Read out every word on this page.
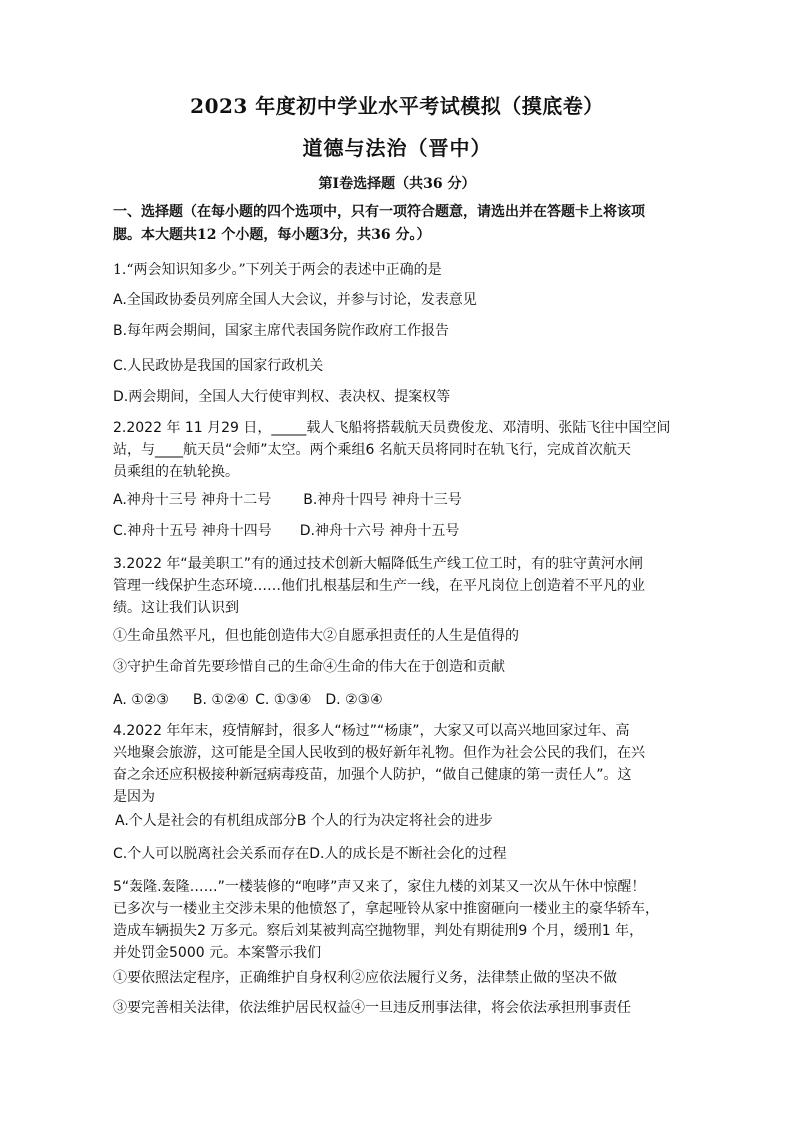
2023 年度初中学业水平考试模拟（摸底卷）
道德与法治（晋中）
第I卷选择题（共36 分）
一、选择题（在每小题的四个选项中，只有一项符合题意，请选出并在答题卡上将该项
腮。本大题共12 个小题，每小题3分，共36 分。）
1.“两会知识知多少。”下列关于两会的表述中正确的是
A.全国政协委员列席全国人大会议，并参与讨论，发表意见
B.每年两会期间，国家主席代表国务院作政府工作报告
C.人民政协是我国的国家行政机关
D.两会期间，全国人大行使审判权、表决权、提案权等
2.2022 年 11 月29 日，_____载人飞船将搭载航天员费俊龙、邓清明、张陆飞往中国空间
站，与____航天员“会师”太空。两个乘组6 名航天员将同时在轨飞行，完成首次航天
员乘组的在轨轮换。
A.神舟十三号 神舟十二号 B.神舟十四号 神舟十三号
C.神舟十五号 神舟十四号 D.神舟十六号 神舟十五号
3.2022 年“最美职工”有的通过技术创新大幅降低生产线工位工时，有的驻守黄河水闸
管理一线保护生态环境……他们扎根基层和生产一线，在平凡岗位上创造着不平凡的业
绩。这让我们认识到
①生命虽然平凡，但也能创造伟大②自愿承担责任的人生是值得的
③守护生命首先要珍惜自己的生命④生命的伟大在于创造和贡献
A. ①②③ B. ①②④ C. ①③④ D. ②③④
4.2022 年年末，疫情解封，很多人“杨过”“杨康”，大家又可以高兴地回家过年、高
兴地聚会旅游，这可能是全国人民收到的极好新年礼物。但作为社会公民的我们，在兴
奋之余还应积极接种新冠病毒疫苗，加强个人防护，“做自己健康的第一责任人”。这
是因为
A.个人是社会的有机组成部分B 个人的行为决定将社会的进步
C.个人可以脱离社会关系而存在D.人的成长是不断社会化的过程
5“轰隆.轰隆……”一楼装修的“咆哮”声又来了，家住九楼的刘某又一次从午休中惊醒！
已多次与一楼业主交涉未果的他愤怒了，拿起哑铃从家中推窗砸向一楼业主的豪华轿车，
造成车辆损失2 万多元。察后刘某被判高空抛物罪，判处有期徒刑9 个月，缓刑1 年，
并处罚金5000 元。本案警示我们
①要依照法定程序，正确维护自身权利②应依法履行义务，法律禁止做的坚决不做
③要完善相关法律，依法维护居民权益④一旦违反刑事法律，将会依法承担刑事责任
